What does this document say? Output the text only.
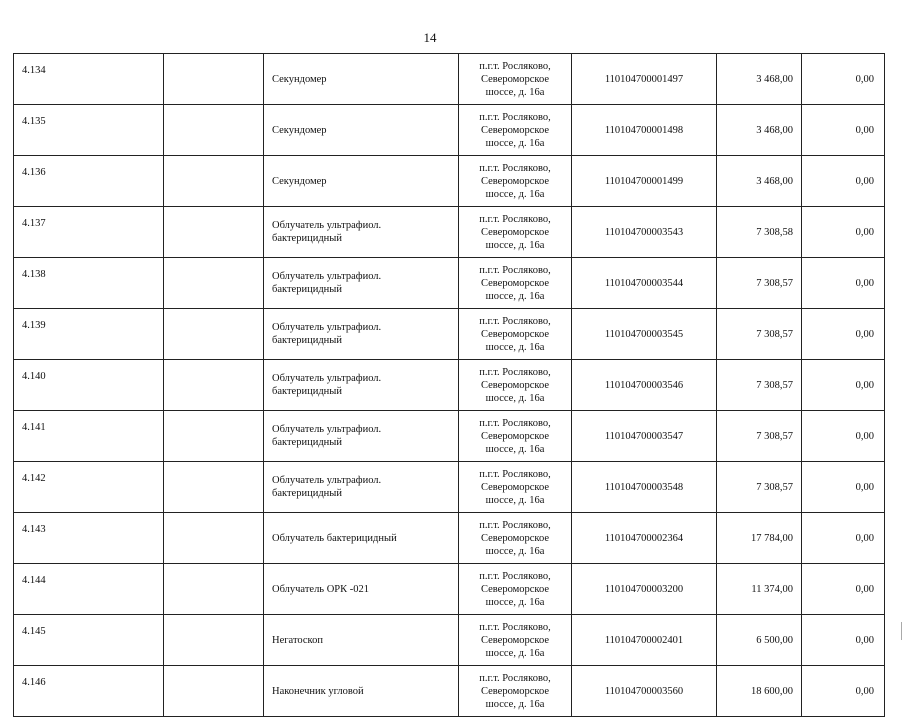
14
4.134		Секундомер	п.г.т. Росляково,
Североморское
шоссе, д. 16а	110104700001497	3 468,00	0,00
4.135		Секундомер	п.г.т. Росляково,
Североморское
шоссе, д. 16а	110104700001498	3 468,00	0,00
4.136		Секундомер	п.г.т. Росляково,
Североморское
шоссе, д. 16а	110104700001499	3 468,00	0,00
4.137		Облучатель ультрафиол. бактерицидный	п.г.т. Росляково,
Североморское
шоссе, д. 16а	110104700003543	7 308,58	0,00
4.138		Облучатель ультрафиол. бактерицидный	п.г.т. Росляково,
Североморское
шоссе, д. 16а	110104700003544	7 308,57	0,00
4.139		Облучатель ультрафиол. бактерицидный	п.г.т. Росляково,
Североморское
шоссе, д. 16а	110104700003545	7 308,57	0,00
4.140		Облучатель ультрафиол. бактерицидный	п.г.т. Росляково,
Североморское
шоссе, д. 16а	110104700003546	7 308,57	0,00
4.141		Облучатель ультрафиол. бактерицидный	п.г.т. Росляково,
Североморское
шоссе, д. 16а	110104700003547	7 308,57	0,00
4.142		Облучатель ультрафиол. бактерицидный	п.г.т. Росляково,
Североморское
шоссе, д. 16а	110104700003548	7 308,57	0,00
4.143		Облучатель бактерицидный	п.г.т. Росляково,
Североморское
шоссе, д. 16а	110104700002364	17 784,00	0,00
4.144		Облучатель ОРК -021	п.г.т. Росляково,
Североморское
шоссе, д. 16а	110104700003200	11 374,00	0,00
4.145		Негатоскоп	п.г.т. Росляково,
Североморское
шоссе, д. 16а	110104700002401	6 500,00	0,00
4.146		Наконечник угловой	п.г.т. Росляково,
Североморское
шоссе, д. 16а	110104700003560	18 600,00	0,00
